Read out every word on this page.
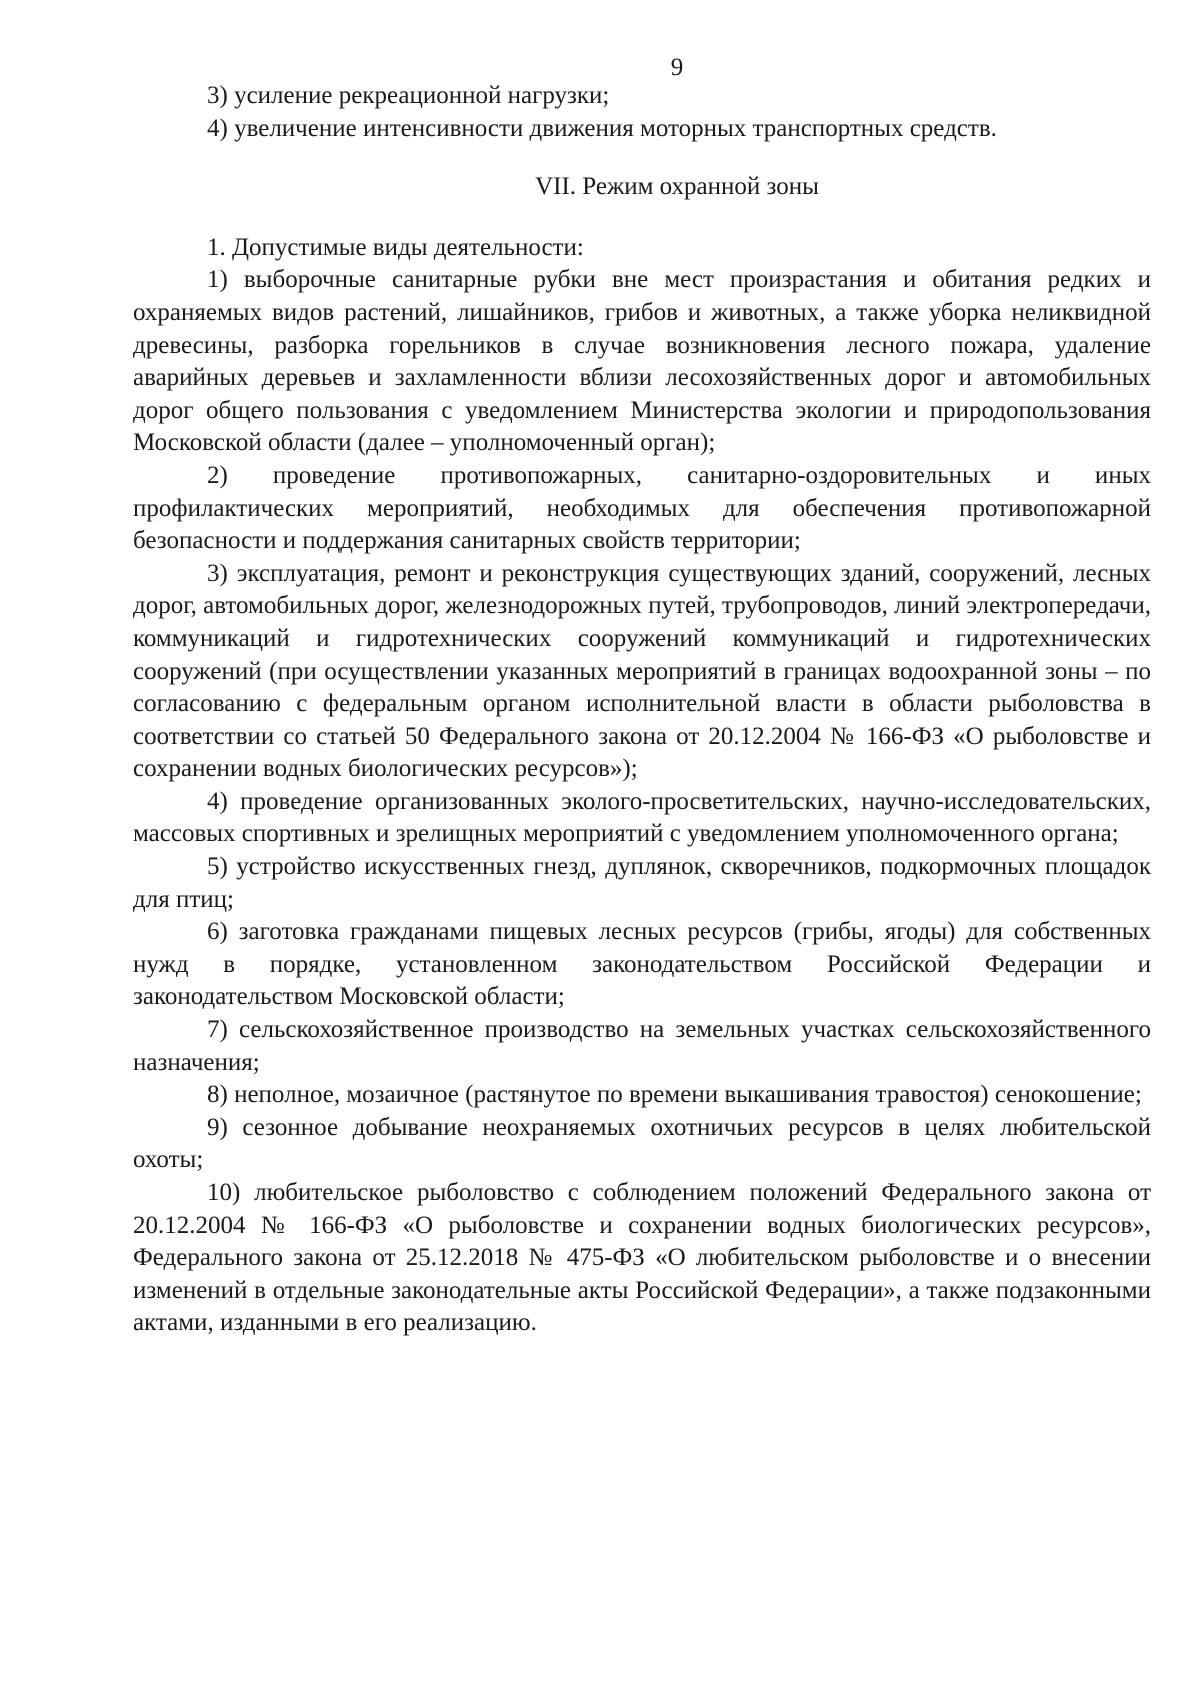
9

3) усиление рекреационной нагрузки;

4) увеличение интенсивности движения моторных транспортных средств.

VII. Режим охранной зоны

1. Допустимые виды деятельности:

1) выборочные санитарные рубки вне мест произрастания и обитания редких и охраняемых видов растений, лишайников, грибов и животных, а также уборка неликвидной древесины, разборка горельников в случае возникновения лесного пожара, удаление аварийных деревьев и захламленности вблизи лесохозяйственных дорог и автомобильных дорог общего пользования с уведомлением Министерства экологии и природопользования Московской области (далее – уполномоченный орган);

2) проведение противопожарных, санитарно-оздоровительных и иных профилактических мероприятий, необходимых для обеспечения противопожарной безопасности и поддержания санитарных свойств территории;

3) эксплуатация, ремонт и реконструкция существующих зданий, сооружений, лесных дорог, автомобильных дорог, железнодорожных путей, трубопроводов, линий электропередачи, коммуникаций и гидротехнических сооружений коммуникаций и гидротехнических сооружений (при осуществлении указанных мероприятий в границах водоохранной зоны – по согласованию с федеральным органом исполнительной власти в области рыболовства в соответствии со статьей 50 Федерального закона от 20.12.2004 № 166-ФЗ «О рыболовстве и сохранении водных биологических ресурсов»);

4) проведение организованных эколого-просветительских, научно-исследовательских, массовых спортивных и зрелищных мероприятий с уведомлением уполномоченного органа;

5) устройство искусственных гнезд, дуплянок, скворечников, подкормочных площадок для птиц;

6) заготовка гражданами пищевых лесных ресурсов (грибы, ягоды) для собственных нужд в порядке, установленном законодательством Российской Федерации и законодательством Московской области;

7) сельскохозяйственное производство на земельных участках сельскохозяйственного назначения;

8) неполное, мозаичное (растянутое по времени выкашивания травостоя) сенокошение;

9) сезонное добывание неохраняемых охотничьих ресурсов в целях любительской охоты;

10) любительское рыболовство с соблюдением положений Федерального закона от 20.12.2004 № 166-ФЗ «О рыболовстве и сохранении водных биологических ресурсов», Федерального закона от 25.12.2018 № 475-ФЗ «О любительском рыболовстве и о внесении изменений в отдельные законодательные акты Российской Федерации», а также подзаконными актами, изданными в его реализацию.
